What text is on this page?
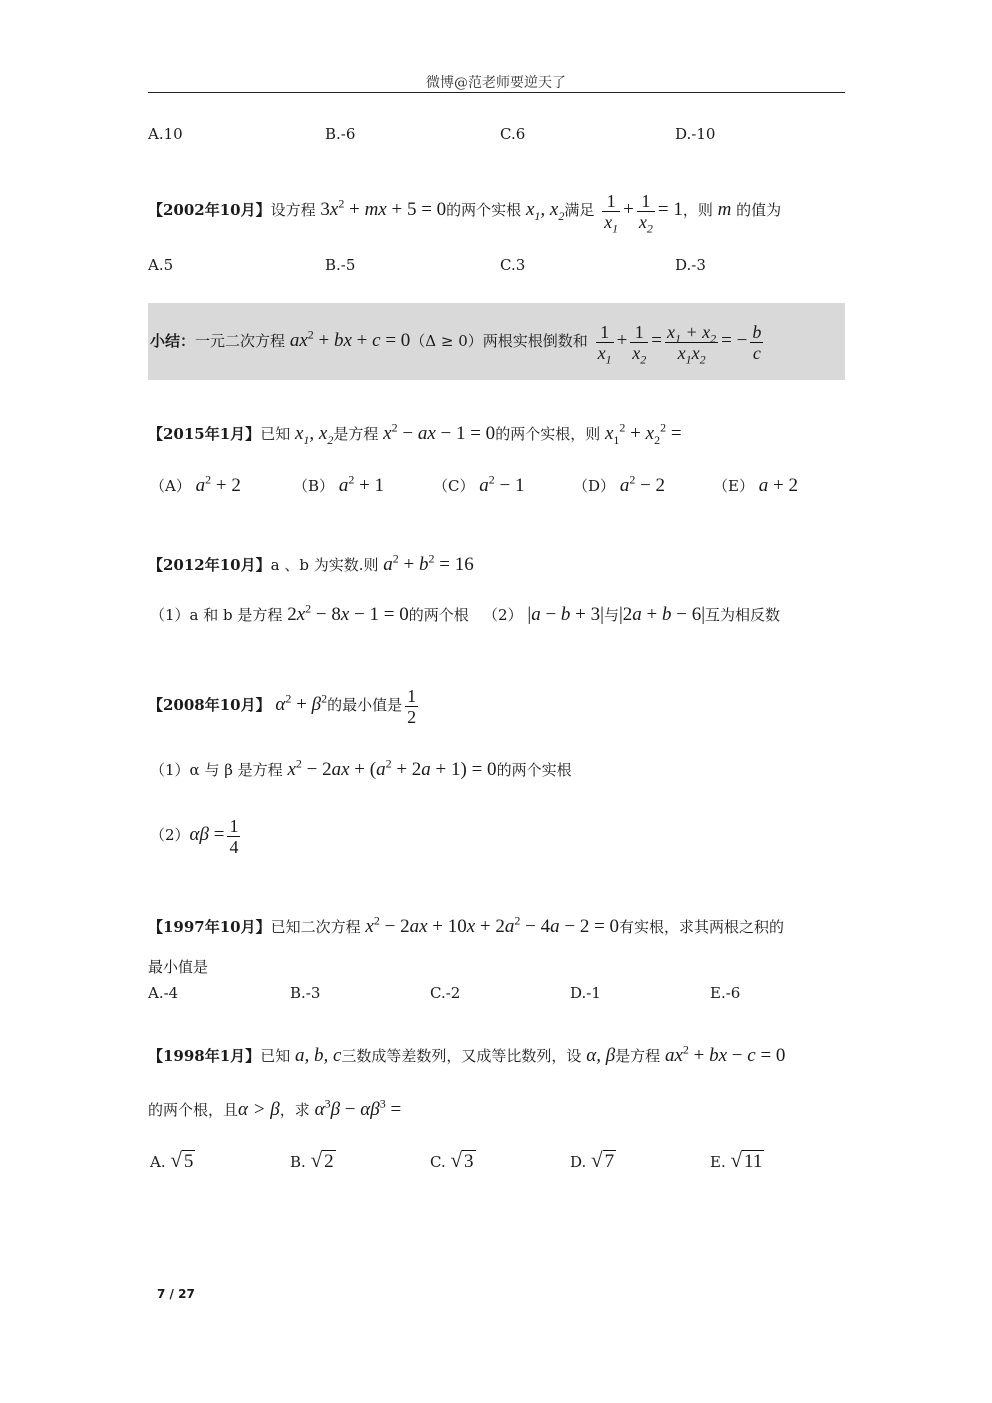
微博@范老师要逆天了
A.10	B.-6	C.6	D.-10
【2002年10月】设方程 $3x^2$ + mx + 5 = 0的两个实根 $x_1$, $x_2$满足 $\frac{1}{x_1} + \frac{1}{x_2} = 1$，则 m 的值为
A.5	B.-5	C.3	D.-3
小结：一元二次方程 $ax^2$ + bx + c = 0（Δ ≥ 0）两根实根倒数和 $\frac{1}{x_1} + \frac{1}{x_2} = \frac{x_1 + x_2}{x_1x_2}$ = − $\frac{b}{c}$
【2015年1月】已知 $x_1$, $x_2$是方程 $x^2$ − ax − 1 = 0的两个实根，则 $x_1^2 + x_2^2$ =
（A） $a^2 + 2$	（B） $a^2 + 1$	（C） $a^2 - 1$	（D） $a^2 - 2$	（E） a + 2
【2012年10月】a 、b 为实数.则 $a^2 + b^2 = 16$
（1）a 和 b 是方程 $2x^2 - 8x - 1 = 0$的两个根 （2） |a − b + 3|与|2a + b − 6|互为相反数
【2008年10月】 $\alpha^2 + \beta^2$的最小值是 $\frac{1}{2}$
（1）α 与 β 是方程 $x^2 - 2ax + (a^2 + 2a + 1) = 0$的两个实根
$(2)\alpha\beta = \frac{1}{4}$
【1997年10月】已知二次方程 $x^2 - 2ax + 10x + 2a^2 - 4a - 2 = 0$有实根，求其两根之积的
最小值是
A.-4	B.-3	C.-2	D.-1	E.-6
【1998年1月】已知 a, b, c三数成等差数列，又成等比数列，设 α, β是方程 $ax^2$ + bx − c = 0
的两个根，且α > β，求 $\alpha^3\beta - \alpha\beta^3$ =
A. √ 5	B. √ 2	C. √ 3	D. √ 7	E. √ 11
7 / 27
